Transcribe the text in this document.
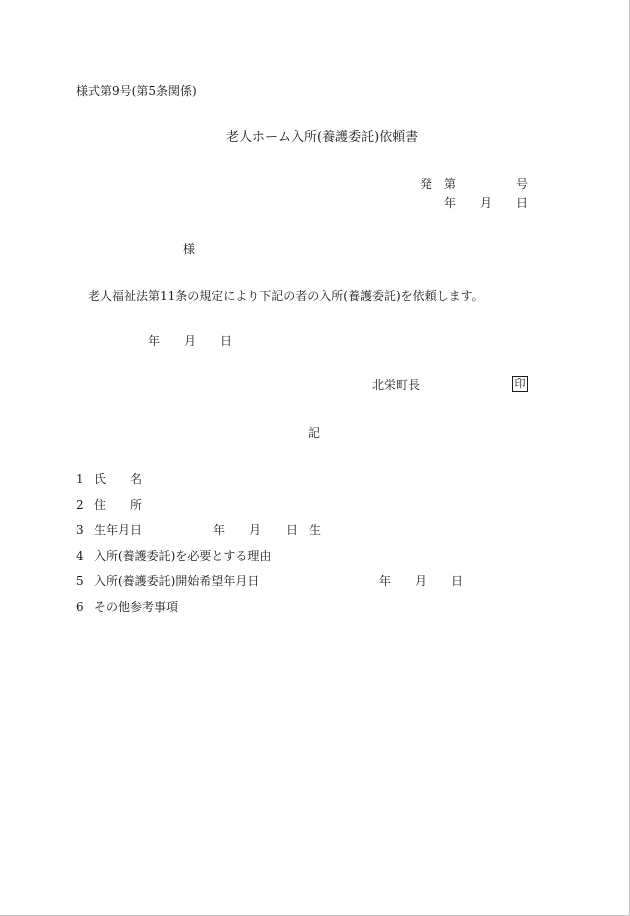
様式第9号(第5条関係)
老人ホーム入所(養護委託)依頼書
発 第	号
年 月 日
様
老人福祉法第11条の規定により下記の者の入所(養護委託)を依頼します。
年 月 日
北栄町長	印
記
1 氏　　名
2 住　　所
3 生年月日	年 月 日 生
4 入所(養護委託)を必要とする理由
5 入所(養護委託)開始希望年月日	年 月 日
6 その他参考事項
